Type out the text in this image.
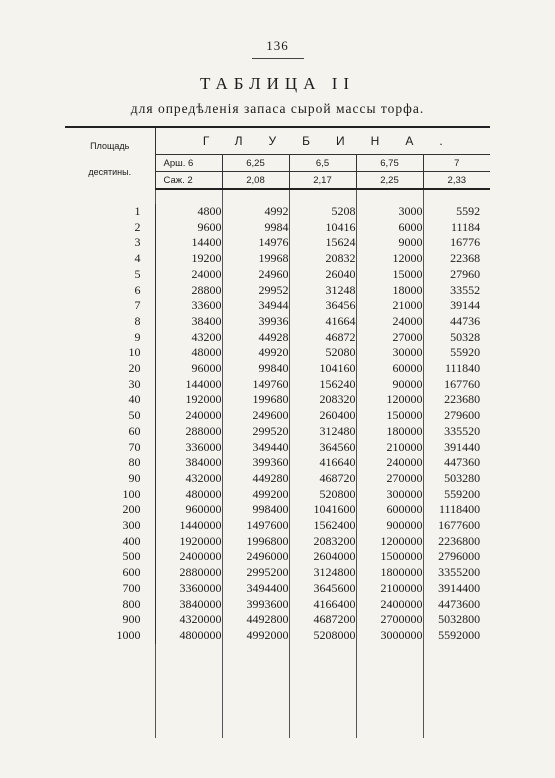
136
ТАБЛИЦА II
для опредѣленія запаса сырой массы торфа.
Площадь
десятины.	ГЛУБИНА.				
	Арш. 6	6,25	6,5	6,75	7
	Саж. 2	2,08	2,17	2,25	2,33

1	4800	4992	5208	3000	5592
2	9600	9984	10416	6000	11184
3	14400	14976	15624	9000	16776
4	19200	19968	20832	12000	22368
5	24000	24960	26040	15000	27960
6	28800	29952	31248	18000	33552
7	33600	34944	36456	21000	39144
8	38400	39936	41664	24000	44736
9	43200	44928	46872	27000	50328
10	48000	49920	52080	30000	55920
20	96000	99840	104160	60000	111840
30	144000	149760	156240	90000	167760
40	192000	199680	208320	120000	223680
50	240000	249600	260400	150000	279600
60	288000	299520	312480	180000	335520
70	336000	349440	364560	210000	391440
80	384000	399360	416640	240000	447360
90	432000	449280	468720	270000	503280
100	480000	499200	520800	300000	559200
200	960000	998400	1041600	600000	1118400
300	1440000	1497600	1562400	900000	1677600
400	1920000	1996800	2083200	1200000	2236800
500	2400000	2496000	2604000	1500000	2796000
600	2880000	2995200	3124800	1800000	3355200
700	3360000	3494400	3645600	2100000	3914400
800	3840000	3993600	4166400	2400000	4473600
900	4320000	4492800	4687200	2700000	5032800
1000	4800000	4992000	5208000	3000000	5592000
